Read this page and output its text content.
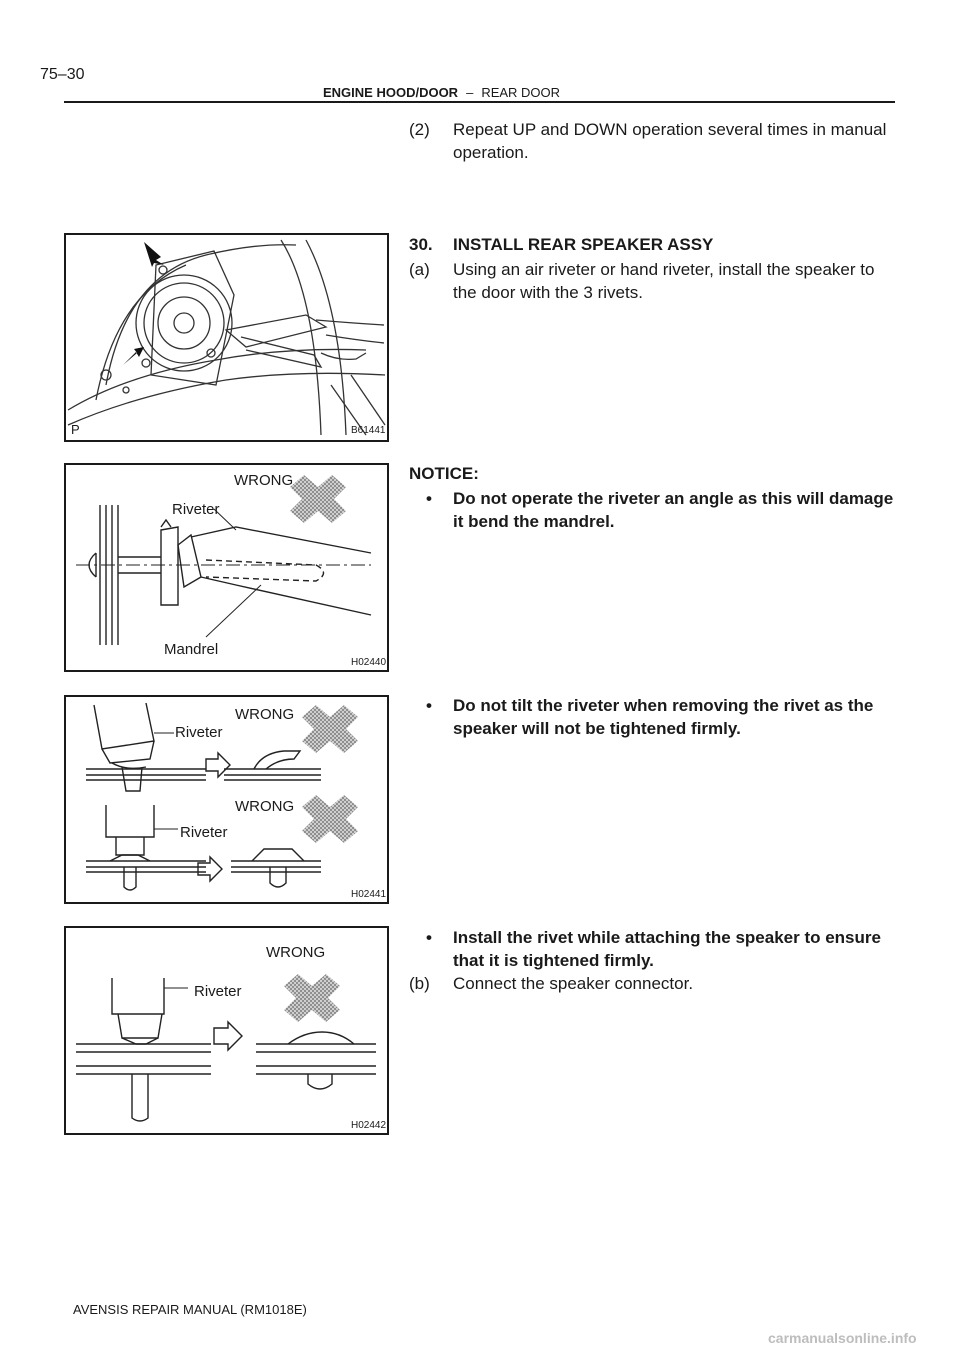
75–30
ENGINE HOOD/DOOR – REAR DOOR
(2)	Repeat UP and DOWN operation several times in manual operation.
30.	INSTALL REAR SPEAKER ASSY
(a)	Using an air riveter or hand riveter, install the speaker to the door with the 3 rivets.
NOTICE:
•	Do not operate the riveter an angle as this will damage it bend the mandrel.
•	Do not tilt the riveter when removing the rivet as the speaker will not be tightened firmly.
•	Install the rivet while attaching the speaker to ensure that it is tightened firmly.
(b)	Connect the speaker connector.
P	B61441
WRONG
Riveter
Mandrel
H02440
WRONG
Riveter
WRONG
Riveter
H02441
WRONG
Riveter
H02442
AVENSIS REPAIR MANUAL (RM1018E)
carmanualsonline.info
